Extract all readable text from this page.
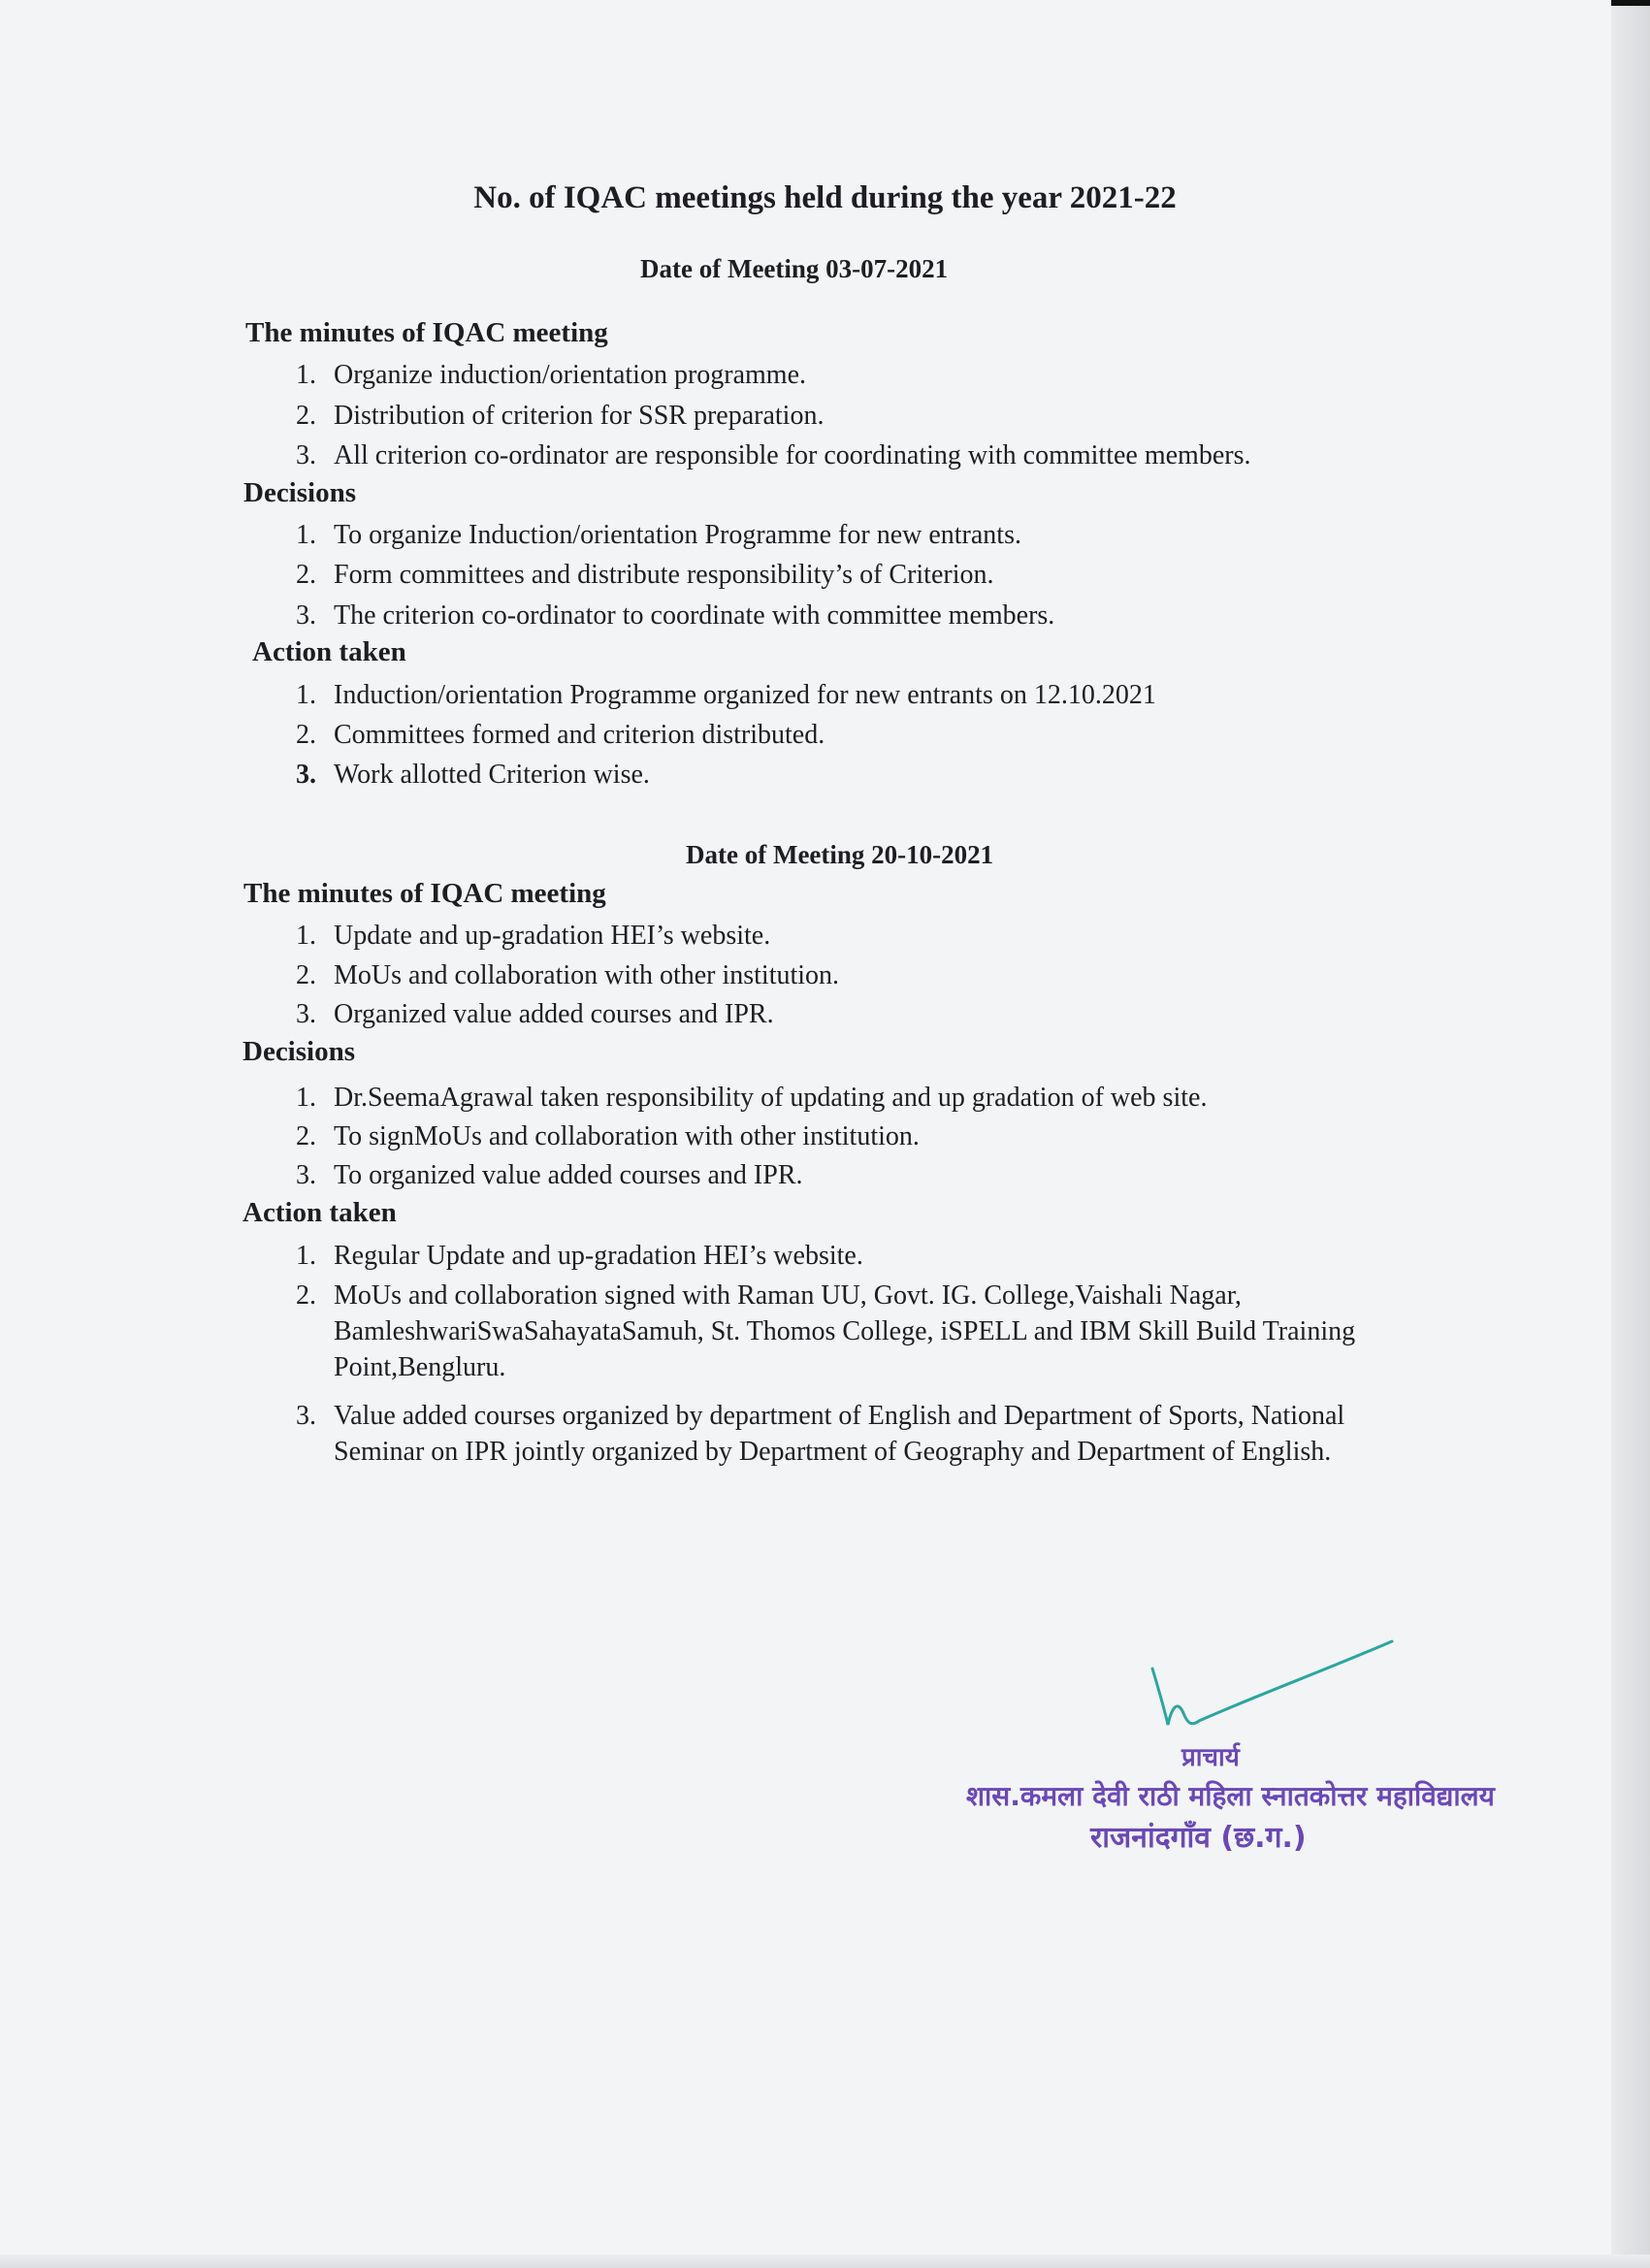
No. of IQAC meetings held during the year 2021-22
Date of Meeting 03-07-2021
The minutes of IQAC meeting
1. Organize induction/orientation programme.
2. Distribution of criterion for SSR preparation.
3. All criterion co-ordinator are responsible for coordinating with committee members.
Decisions
1. To organize Induction/orientation Programme for new entrants.
2. Form committees and distribute responsibility’s of Criterion.
3. The criterion co-ordinator to coordinate with committee members.
Action taken
1. Induction/orientation Programme organized for new entrants on 12.10.2021
2. Committees formed and criterion distributed.
3. Work allotted Criterion wise.
Date of Meeting 20-10-2021
The minutes of IQAC meeting
1. Update and up-gradation HEI’s website.
2. MoUs and collaboration with other institution.
3. Organized value added courses and IPR.
Decisions
1. Dr.SeemaAgrawal taken responsibility of updating and up gradation of web site.
2. To signMoUs and collaboration with other institution.
3. To organized value added courses and IPR.
Action taken
1. Regular Update and up-gradation HEI’s website.
2. MoUs and collaboration signed with Raman UU, Govt. IG. College,Vaishali Nagar, BamleshwariSwaSahayataSamuh, St. Thomos College, iSPELL and IBM Skill Build Training Point,Bengluru.
3. Value added courses organized by department of English and Department of Sports, National Seminar on IPR jointly organized by Department of Geography and Department of English.
प्राचार्य
शास.कमला देवी राठी महिला स्नातकोत्तर महाविद्यालय
राजनांदगाँव (छ.ग.)
